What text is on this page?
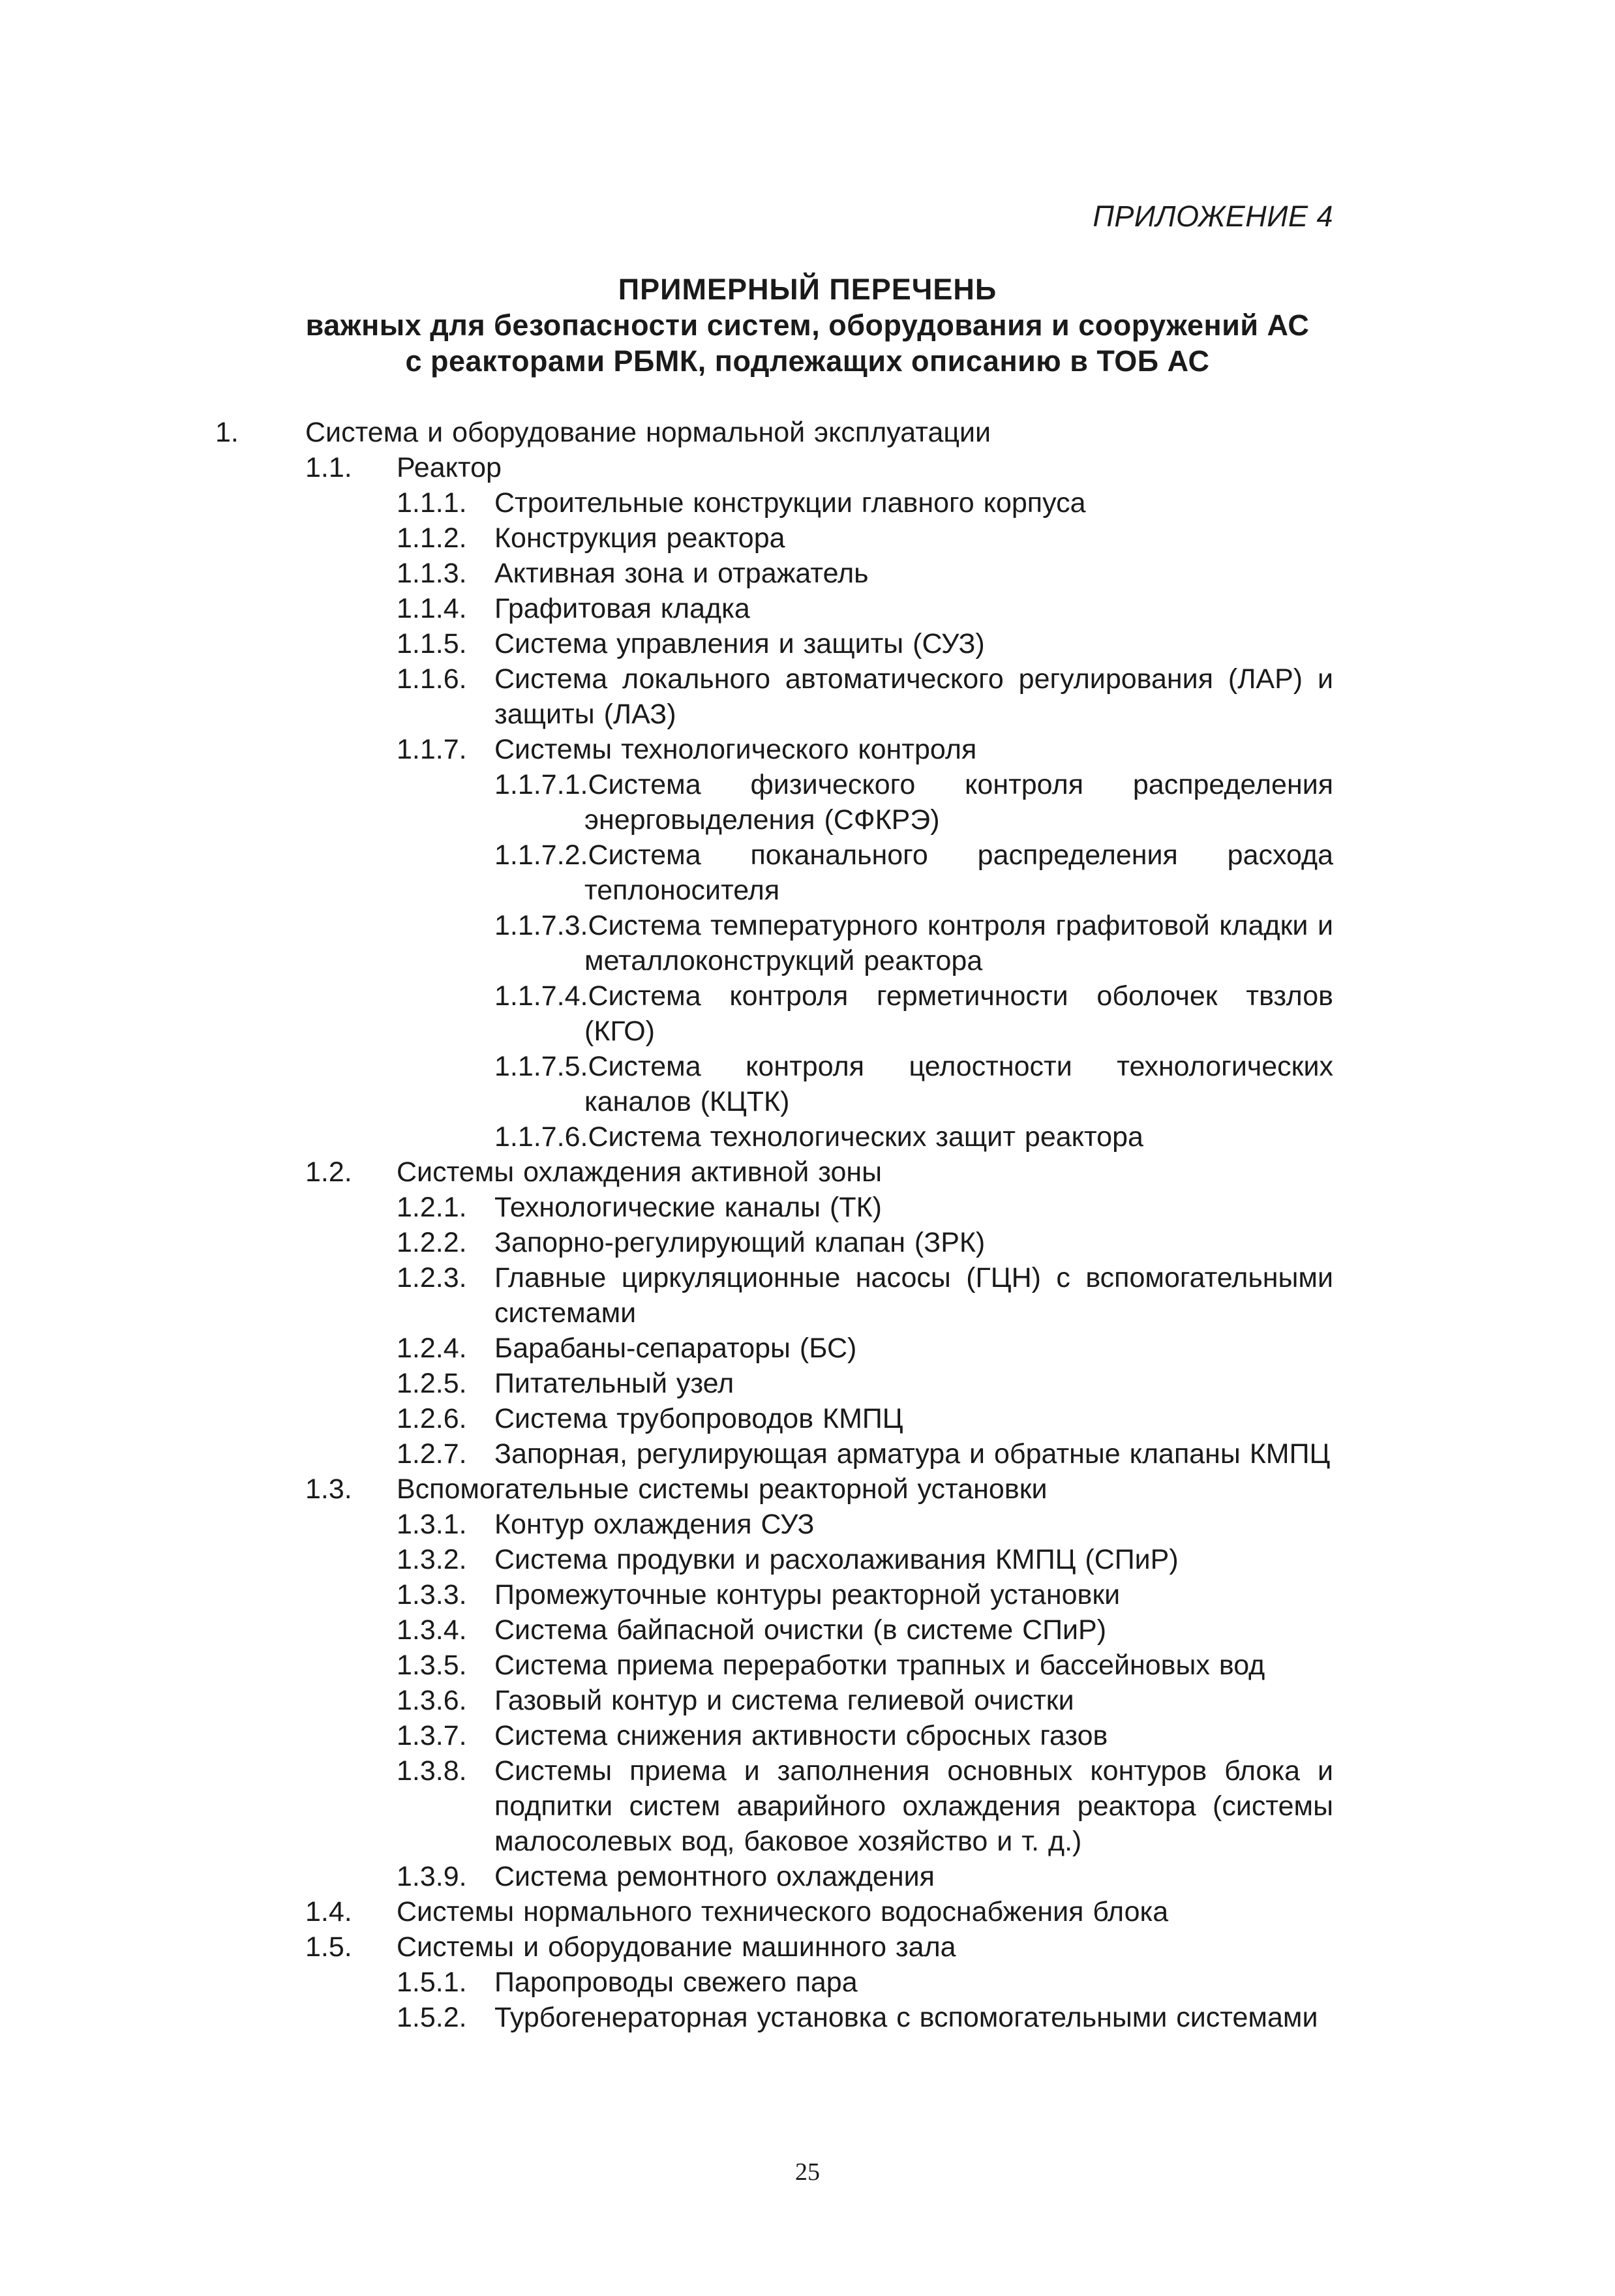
ПРИЛОЖЕНИЕ 4
ПРИМЕРНЫЙ ПЕРЕЧЕНЬ
важных для безопасности систем, оборудования и сооружений АС
с реакторами РБМК, подлежащих описанию в ТОБ АС
1. Система и оборудование нормальной эксплуатации
1.1. Реактор
1.1.1. Строительные конструкции главного корпуса
1.1.2. Конструкция реактора
1.1.3. Активная зона и отражатель
1.1.4. Графитовая кладка
1.1.5. Система управления и защиты (СУЗ)
1.1.6. Система локального автоматического регулирования (ЛАР) и защиты (ЛАЗ)
1.1.7. Системы технологического контроля
1.1.7.1.Система физического контроля распределения энерговыделения (СФКРЭ)
1.1.7.2.Система поканального распределения расхода теплоносителя
1.1.7.3.Система температурного контроля графитовой кладки и металлоконструкций реактора
1.1.7.4.Система контроля герметичности оболочек твзлов (КГО)
1.1.7.5.Система контроля целостности технологических каналов (КЦТК)
1.1.7.6.Система технологических защит реактора
1.2. Системы охлаждения активной зоны
1.2.1. Технологические каналы (ТК)
1.2.2. Запорно-регулирующий клапан (ЗРК)
1.2.3. Главные циркуляционные насосы (ГЦН) с вспомогательными системами
1.2.4. Барабаны-сепараторы (БС)
1.2.5. Питательный узел
1.2.6. Система трубопроводов КМПЦ
1.2.7. Запорная, регулирующая арматура и обратные клапаны КМПЦ
1.3. Вспомогательные системы реакторной установки
1.3.1. Контур охлаждения СУЗ
1.3.2. Система продувки и расхолаживания КМПЦ (СПиР)
1.3.3. Промежуточные контуры реакторной установки
1.3.4. Система байпасной очистки (в системе СПиР)
1.3.5. Система приема переработки трапных и бассейновых вод
1.3.6. Газовый контур и система гелиевой очистки
1.3.7. Система снижения активности сбросных газов
1.3.8. Системы приема и заполнения основных контуров блока и подпитки систем аварийного охлаждения реактора (системы малосолевых вод, баковое хозяйство и т. д.)
1.3.9. Система ремонтного охлаждения
1.4. Системы нормального технического водоснабжения блока
1.5. Системы и оборудование машинного зала
1.5.1. Паропроводы свежего пара
1.5.2. Турбогенераторная установка с вспомогательными системами
25
